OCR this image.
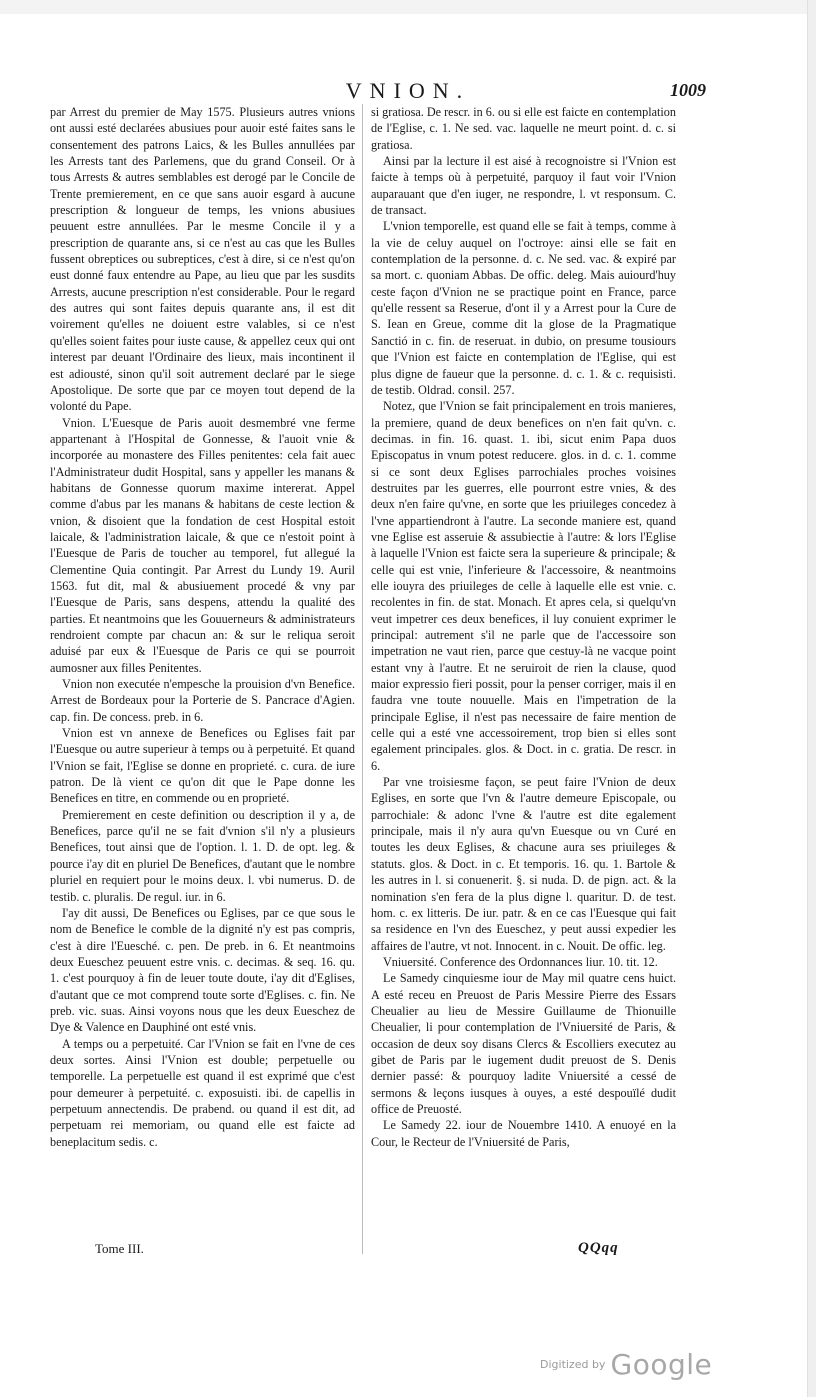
VNION.	1009

par Arrest du premier de May 1575. Plusieurs autres vnions ont aussi esté declarées abusiues pour auoir esté faites sans le consentement des patrons Laics, & les Bulles annullées par les Arrests tant des Parlemens, que du grand Conseil. Or à tous Arrests & autres semblables est derogé par le Concile de Trente premierement, en ce que sans auoir esgard à aucune prescription & longueur de temps, les vnions abusiues peuuent estre annullées. Par le mesme Concile il y a prescription de quarante ans, si ce n'est au cas que les Bulles fussent obreptices ou subreptices, c'est à dire, si ce n'est qu'on eust donné faux entendre au Pape, au lieu que par les susdits Arrests, aucune prescription n'est considerable. Pour le regard des autres qui sont faites depuis quarante ans, il est dit voirement qu'elles ne doiuent estre valables, si ce n'est qu'elles soient faites pour iuste cause, & appellez ceux qui ont interest par deuant l'Ordinaire des lieux, mais incontinent il est adiousté, sinon qu'il soit autrement declaré par le siege Apostolique. De sorte que par ce moyen tout depend de la volonté du Pape.

Vnion. L'Euesque de Paris auoit desmembré vne ferme appartenant à l'Hospital de Gonnesse, & l'auoit vnie & incorporée au monastere des Filles penitentes: cela fait auec l'Administrateur dudit Hospital, sans y appeller les manans & habitans de Gonnesse quorum maxime intererat. Appel comme d'abus par les manans & habitans de ceste lection & vnion, & disoient que la fondation de cest Hospital estoit laicale, & l'administration laicale, & que ce n'estoit point à l'Euesque de Paris de toucher au temporel, fut allegué la Clementine Quia contingit. Par Arrest du Lundy 19. Auril 1563. fut dit, mal & abusiuement procedé & vny par l'Euesque de Paris, sans despens, attendu la qualité des parties. Et neantmoins que les Gouuerneurs & administrateurs rendroient compte par chacun an: & sur le reliqua seroit aduisé par eux & l'Euesque de Paris ce qui se pourroit aumosner aux filles Penitentes.

Vnion non executée n'empesche la prouision d'vn Benefice. Arrest de Bordeaux pour la Porterie de S. Pancrace d'Agien. cap. fin. De concess. preb. in 6.

Vnion est vn annexe de Benefices ou Eglises fait par l'Euesque ou autre superieur à temps ou à perpetuité. Et quand l'Vnion se fait, l'Eglise se donne en proprieté. c. cura. de iure patron. De là vient ce qu'on dit que le Pape donne les Benefices en titre, en commende ou en proprieté.

Premierement en ceste definition ou description il y a, de Benefices, parce qu'il ne se fait d'vnion s'il n'y a plusieurs Benefices, tout ainsi que de l'option. l. 1. D. de opt. leg. & pource i'ay dit en pluriel De Benefices, d'autant que le nombre pluriel en requiert pour le moins deux. l. vbi numerus. D. de testib. c. pluralis. De regul. iur. in 6.

I'ay dit aussi, De Benefices ou Eglises, par ce que sous le nom de Benefice le comble de la dignité n'y est pas compris, c'est à dire l'Euesché. c. pen. De preb. in 6. Et neantmoins deux Eueschez peuuent estre vnis. c. decimas. & seq. 16. qu. 1. c'est pourquoy à fin de leuer toute doute, i'ay dit d'Eglises, d'autant que ce mot comprend toute sorte d'Eglises. c. fin. Ne preb. vic. suas. Ainsi voyons nous que les deux Eueschez de Dye & Valence en Dauphiné ont esté vnis.

A temps ou a perpetuité. Car l'Vnion se fait en l'vne de ces deux sortes. Ainsi l'Vnion est double; perpetuelle ou temporelle. La perpetuelle est quand il est exprimé que c'est pour demeurer à perpetuité. c. exposuisti. ibi. de capellis in perpetuum annectendis. De prabend. ou quand il est dit, ad perpetuam rei memoriam, ou quand elle est faicte ad beneplacitum sedis. c.

si gratiosa. De rescr. in 6. ou si elle est faicte en contemplation de l'Eglise, c. 1. Ne sed. vac. laquelle ne meurt point. d. c. si gratiosa.

Ainsi par la lecture il est aisé à recognoistre si l'Vnion est faicte à temps où à perpetuité, parquoy il faut voir l'Vnion auparauant que d'en iuger, ne respondre, l. vt responsum. C. de transact.

L'vnion temporelle, est quand elle se fait à temps, comme à la vie de celuy auquel on l'octroye: ainsi elle se fait en contemplation de la personne. d. c. Ne sed. vac. & expiré par sa mort. c. quoniam Abbas. De offic. deleg. Mais auiourd'huy ceste façon d'Vnion ne se practique point en France, parce qu'elle ressent sa Reserue, d'ont il y a Arrest pour la Cure de S. Iean en Greue, comme dit la glose de la Pragmatique Sanctió in c. fin. de reseruat. in dubio, on presume tousiours que l'Vnion est faicte en contemplation de l'Eglise, qui est plus digne de faueur que la personne. d. c. 1. & c. requisisti. de testib. Oldrad. consil. 257.

Notez, que l'Vnion se fait principalement en trois manieres, la premiere, quand de deux benefices on n'en fait qu'vn. c. decimas. in fin. 16. quast. 1. ibi, sicut enim Papa duos Episcopatus in vnum potest reducere. glos. in d. c. 1. comme si ce sont deux Eglises parrochiales proches voisines destruites par les guerres, elle pourront estre vnies, & des deux n'en faire qu'vne, en sorte que les priuileges concedez à l'vne appartiendront à l'autre. La seconde maniere est, quand vne Eglise est asseruie & assubiectie à l'autre: & lors l'Eglise à laquelle l'Vnion est faicte sera la superieure & principale; & celle qui est vnie, l'inferieure & l'accessoire, & neantmoins elle iouyra des priuileges de celle à laquelle elle est vnie. c. recolentes in fin. de stat. Monach. Et apres cela, si quelqu'vn veut impetrer ces deux benefices, il luy conuient exprimer le principal: autrement s'il ne parle que de l'accessoire son impetration ne vaut rien, parce que cestuy-là ne vacque point estant vny à l'autre. Et ne seruiroit de rien la clause, quod maior expressio fieri possit, pour la penser corriger, mais il en faudra vne toute nouuelle. Mais en l'impetration de la principale Eglise, il n'est pas necessaire de faire mention de celle qui a esté vne accessoirement, trop bien si elles sont egalement principales. glos. & Doct. in c. gratia. De rescr. in 6.

Par vne troisiesme façon, se peut faire l'Vnion de deux Eglises, en sorte que l'vn & l'autre demeure Episcopale, ou parrochiale: & adonc l'vne & l'autre est dite egalement principale, mais il n'y aura qu'vn Euesque ou vn Curé en toutes les deux Eglises, & chacune aura ses priuileges & statuts. glos. & Doct. in c. Et temporis. 16. qu. 1. Bartole & les autres in l. si conuenerit. §. si nuda. D. de pign. act. & la nomination s'en fera de la plus digne l. quaritur. D. de test. hom. c. ex litteris. De iur. patr. & en ce cas l'Euesque qui fait sa residence en l'vn des Eueschez, y peut aussi expedier les affaires de l'autre, vt not. Innocent. in c. Nouit. De offic. leg.

Vniuersité. Conference des Ordonnances liur. 10. tit. 12.

Le Samedy cinquiesme iour de May mil quatre cens huict. A esté receu en Preuost de Paris Messire Pierre des Essars Cheualier au lieu de Messire Guillaume de Thionuille Cheualier, li pour contemplation de l'Vniuersité de Paris, & occasion de deux soy disans Clercs & Escolliers executez au gibet de Paris par le iugement dudit preuost de S. Denis dernier passé: & pourquoy ladite Vniuersité a cessé de sermons & leçons iusques à ouyes, a esté despouïlé dudit office de Preuosté.

Le Samedy 22. iour de Nouembre 1410. A enuoyé en la Cour, le Recteur de l'Vniuersité de Paris,

Tome III.	QQqq
Digitized by Google
